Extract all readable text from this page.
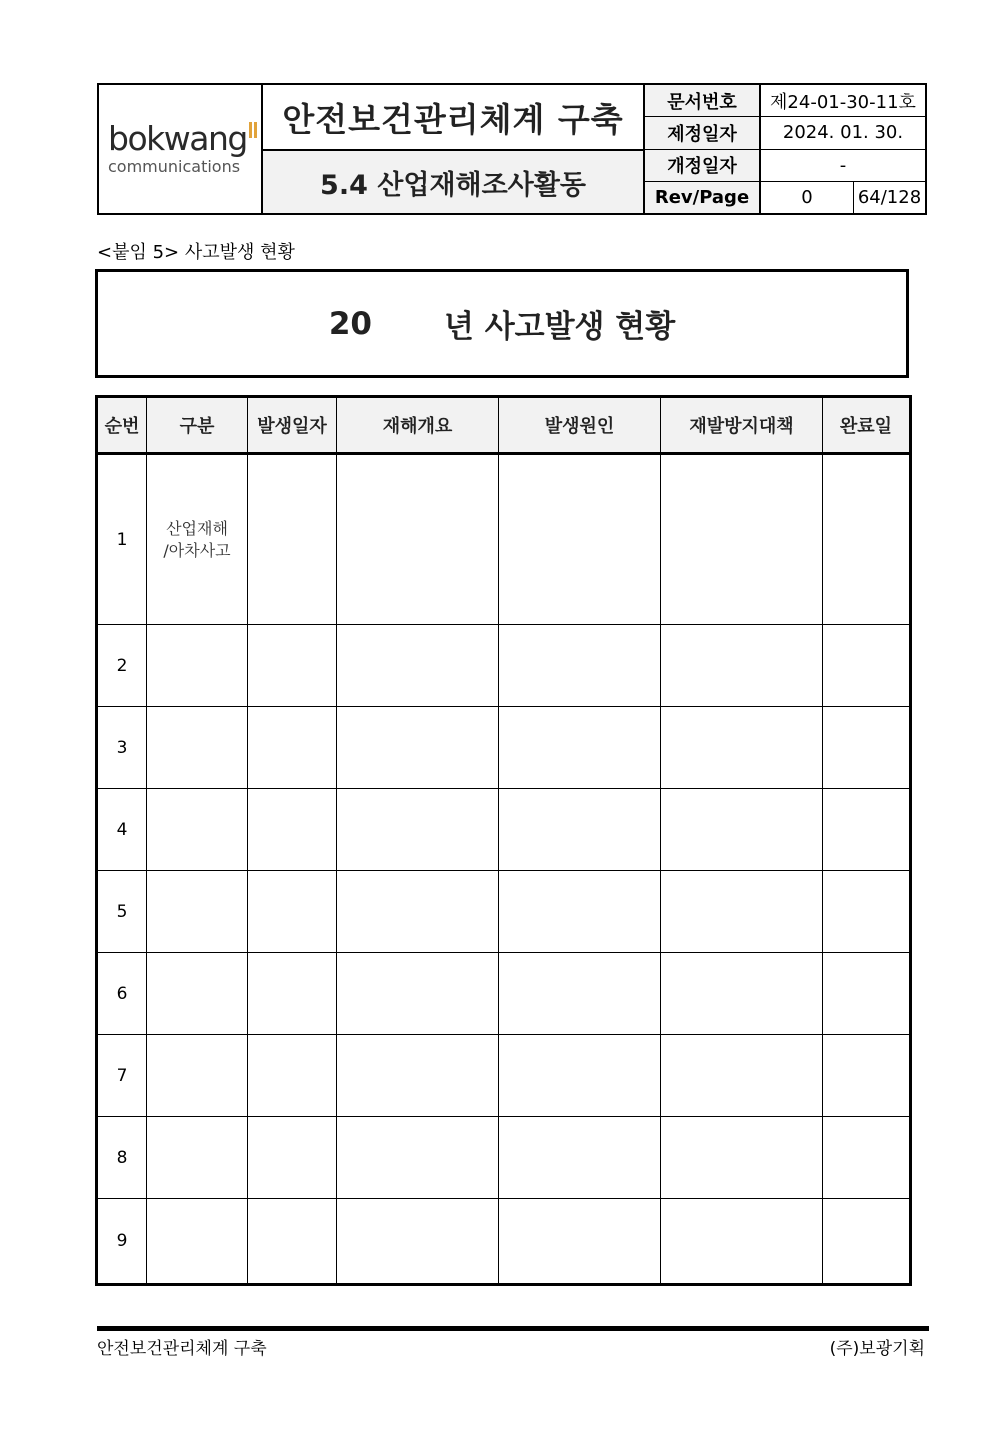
bokwang
communications
안전보건관리체계 구축
5.4 산업재해조사활동
문서번호	제24-01-30-11호
제정일자	2024. 01. 30.
개정일자	-
Rev/Page	0	64/128
<붙임 5> 사고발생 현황
20 년 사고발생 현황
순번	구분	발생일자	재해개요	발생원인	재발방지대책	완료일
1	산업재해
/아차사고					
2						
3						
4						
5						
6						
7						
8						
9						
안전보건관리체계 구축	(주)보광기획
